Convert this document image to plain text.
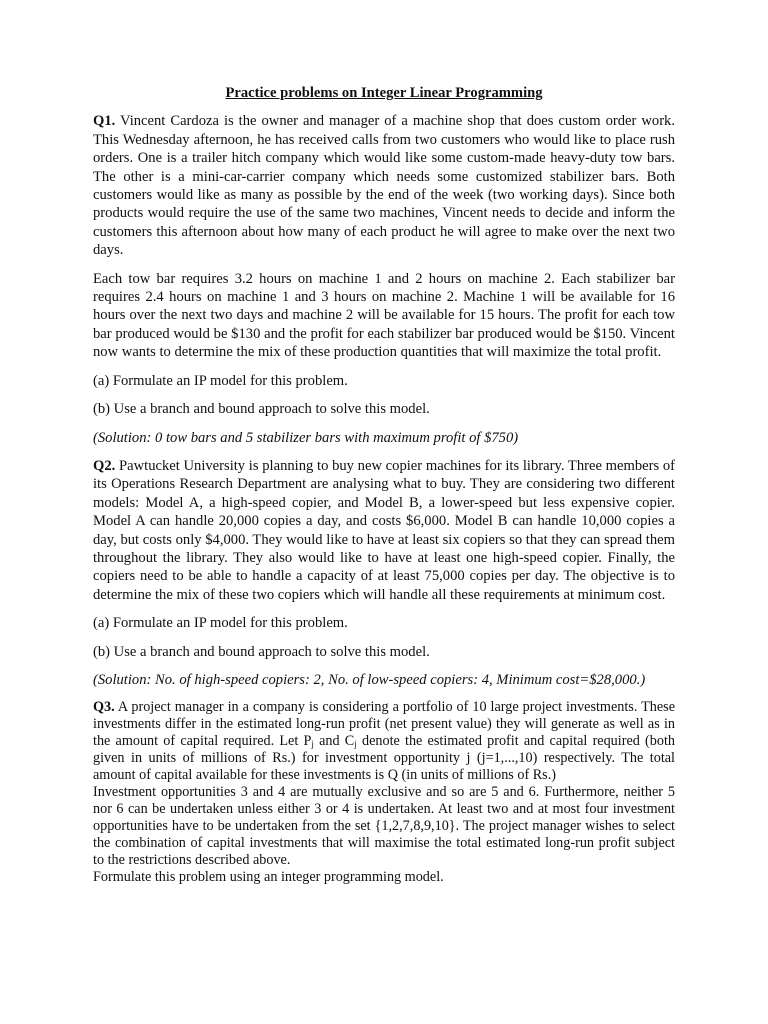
Practice problems on Integer Linear Programming

Q1. Vincent Cardoza is the owner and manager of a machine shop that does custom order work. This Wednesday afternoon, he has received calls from two customers who would like to place rush orders. One is a trailer hitch company which would like some custom-made heavy-duty tow bars. The other is a mini-car-carrier company which needs some customized stabilizer bars. Both customers would like as many as possible by the end of the week (two working days). Since both products would require the use of the same two machines, Vincent needs to decide and inform the customers this afternoon about how many of each product he will agree to make over the next two days.

Each tow bar requires 3.2 hours on machine 1 and 2 hours on machine 2. Each stabilizer bar requires 2.4 hours on machine 1 and 3 hours on machine 2. Machine 1 will be available for 16 hours over the next two days and machine 2 will be available for 15 hours. The profit for each tow bar produced would be $130 and the profit for each stabilizer bar produced would be $150. Vincent now wants to determine the mix of these production quantities that will maximize the total profit.

(a) Formulate an IP model for this problem.

(b) Use a branch and bound approach to solve this model.

(Solution: 0 tow bars and 5 stabilizer bars with maximum profit of $750)

Q2. Pawtucket University is planning to buy new copier machines for its library. Three members of its Operations Research Department are analysing what to buy. They are considering two different models: Model A, a high-speed copier, and Model B, a lower-speed but less expensive copier. Model A can handle 20,000 copies a day, and costs $6,000. Model B can handle 10,000 copies a day, but costs only $4,000. They would like to have at least six copiers so that they can spread them throughout the library. They also would like to have at least one high-speed copier. Finally, the copiers need to be able to handle a capacity of at least 75,000 copies per day. The objective is to determine the mix of these two copiers which will handle all these requirements at minimum cost.

(a) Formulate an IP model for this problem.

(b) Use a branch and bound approach to solve this model.

(Solution: No. of high-speed copiers: 2, No. of low-speed copiers: 4, Minimum cost=$28,000.)

Q3. A project manager in a company is considering a portfolio of 10 large project investments. These investments differ in the estimated long-run profit (net present value) they will generate as well as in the amount of capital required. Let $P_j$ and $C_j$ denote the estimated profit and capital required (both given in units of millions of Rs.) for investment opportunity j (j=1,...,10) respectively. The total amount of capital available for these investments is Q (in units of millions of Rs.)

Investment opportunities 3 and 4 are mutually exclusive and so are 5 and 6. Furthermore, neither 5 nor 6 can be undertaken unless either 3 or 4 is undertaken. At least two and at most four investment opportunities have to be undertaken from the set {1,2,7,8,9,10}. The project manager wishes to select the combination of capital investments that will maximise the total estimated long-run profit subject to the restrictions described above.

Formulate this problem using an integer programming model.
